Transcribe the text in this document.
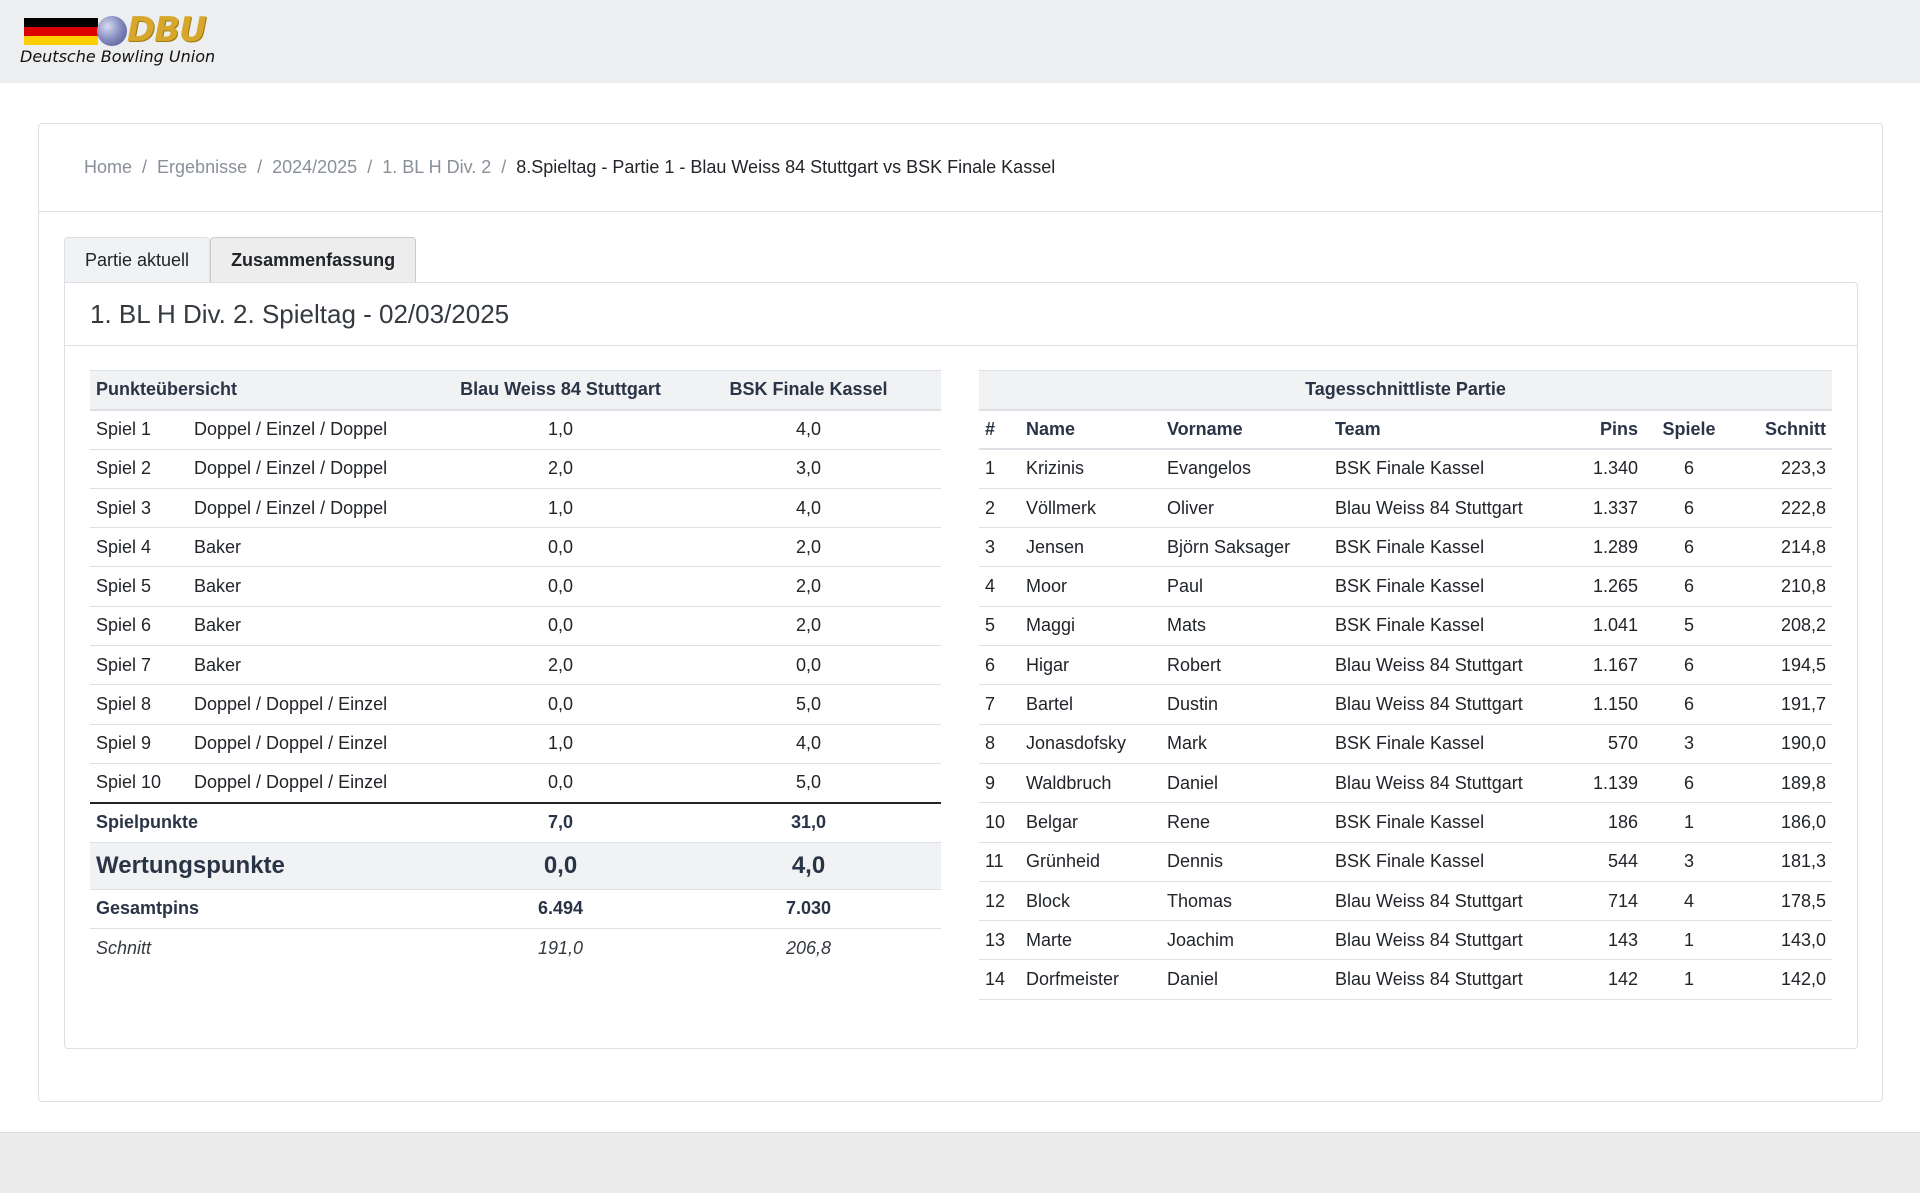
DBU
Deutsche Bowling Union
Home / Ergebnisse / 2024/2025 / 1. BL H Div. 2 / 8.Spieltag - Partie 1 - Blau Weiss 84 Stuttgart vs BSK Finale Kassel
Partie aktuell	Zusammenfassung
1. BL H Div. 2. Spieltag - 02/03/2025
Punkteübersicht		Blau Weiss 84 Stuttgart	BSK Finale Kassel
Spiel 1	Doppel / Einzel / Doppel	1,0	4,0
Spiel 2	Doppel / Einzel / Doppel	2,0	3,0
Spiel 3	Doppel / Einzel / Doppel	1,0	4,0
Spiel 4	Baker	0,0	2,0
Spiel 5	Baker	0,0	2,0
Spiel 6	Baker	0,0	2,0
Spiel 7	Baker	2,0	0,0
Spiel 8	Doppel / Doppel / Einzel	0,0	5,0
Spiel 9	Doppel / Doppel / Einzel	1,0	4,0
Spiel 10	Doppel / Doppel / Einzel	0,0	5,0
Spielpunkte		7,0	31,0
Wertungspunkte		0,0	4,0
Gesamtpins		6.494	7.030
Schnitt		191,0	206,8
Tagesschnittliste Partie						
#	Name	Vorname	Team	Pins	Spiele	Schnitt
1	Krizinis	Evangelos	BSK Finale Kassel	1.340	6	223,3
2	Völlmerk	Oliver	Blau Weiss 84 Stuttgart	1.337	6	222,8
3	Jensen	Björn Saksager	BSK Finale Kassel	1.289	6	214,8
4	Moor	Paul	BSK Finale Kassel	1.265	6	210,8
5	Maggi	Mats	BSK Finale Kassel	1.041	5	208,2
6	Higar	Robert	Blau Weiss 84 Stuttgart	1.167	6	194,5
7	Bartel	Dustin	Blau Weiss 84 Stuttgart	1.150	6	191,7
8	Jonasdofsky	Mark	BSK Finale Kassel	570	3	190,0
9	Waldbruch	Daniel	Blau Weiss 84 Stuttgart	1.139	6	189,8
10	Belgar	Rene	BSK Finale Kassel	186	1	186,0
11	Grünheid	Dennis	BSK Finale Kassel	544	3	181,3
12	Block	Thomas	Blau Weiss 84 Stuttgart	714	4	178,5
13	Marte	Joachim	Blau Weiss 84 Stuttgart	143	1	143,0
14	Dorfmeister	Daniel	Blau Weiss 84 Stuttgart	142	1	142,0
